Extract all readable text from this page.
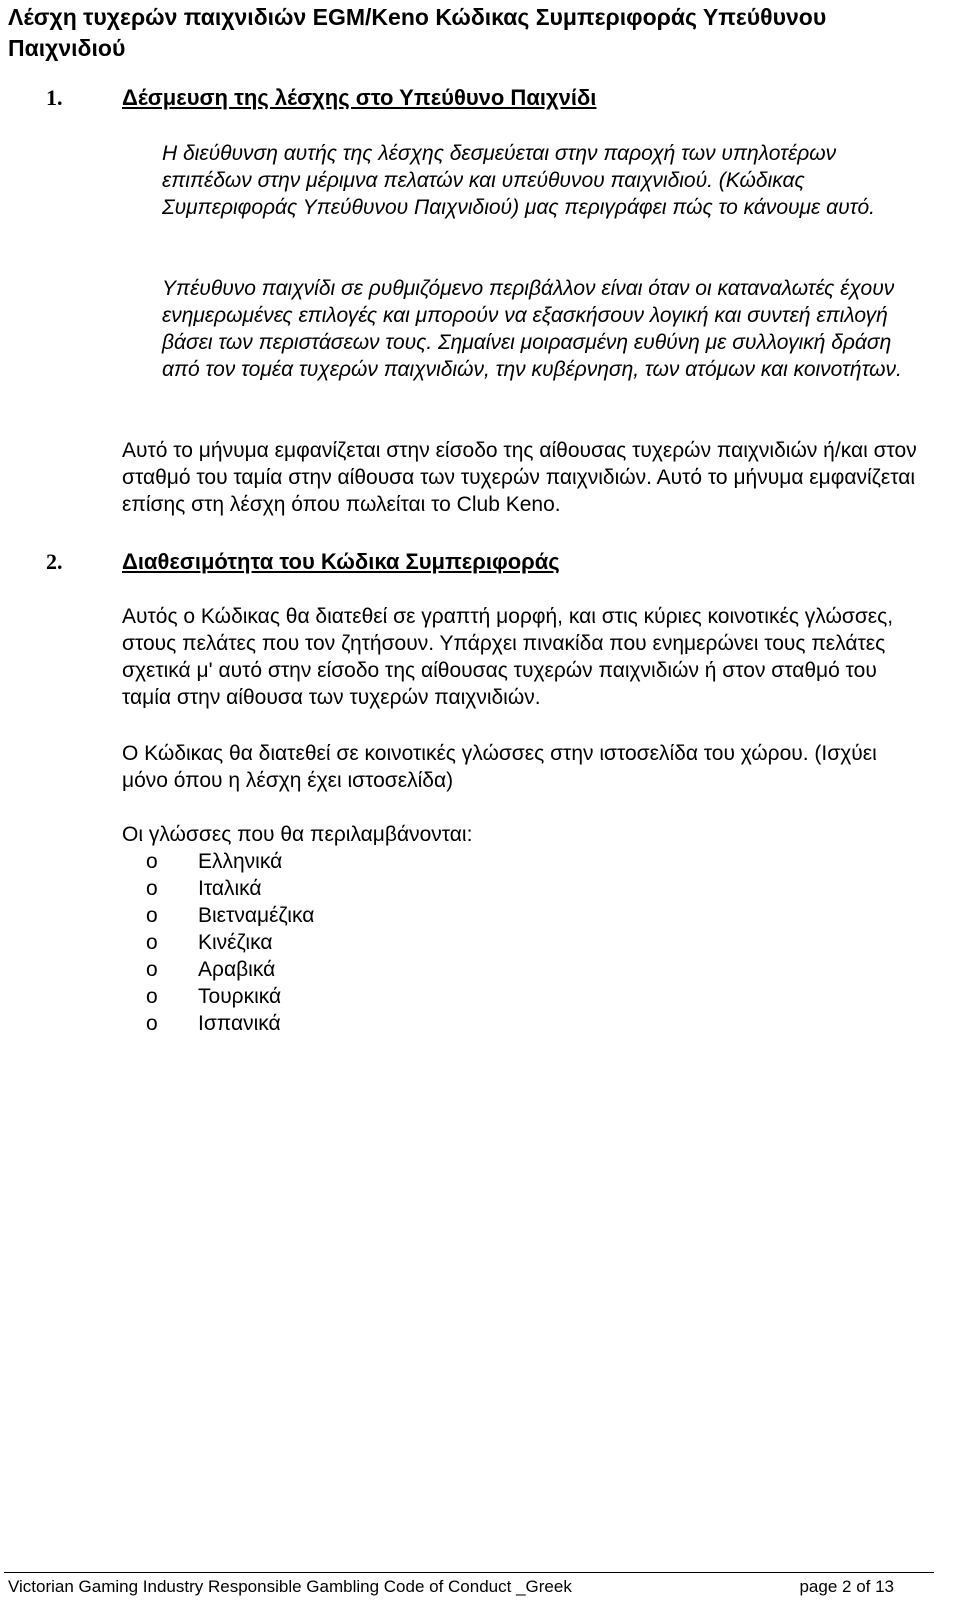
Λέσχη τυχερών παιχνιδιών EGM/Keno Κώδικας Συμπεριφοράς Υπεύθυνου Παιχνιδιού
1.	Δέσμευση της λέσχης στο Υπεύθυνο Παιχνίδι

Η διεύθυνση αυτής της λέσχης δεσμεύεται στην παροχή των υπηλοτέρων επιπέδων στην μέριμνα πελατών και υπεύθυνου παιχνιδιού. (Κώδικας Συμπεριφοράς Υπεύθυνου Παιχνιδιού) μας περιγράφει πώς το κάνουμε αυτό.

Υπέυθυνο παιχνίδι σε ρυθμιζόμενο περιβάλλον είναι όταν οι καταναλωτές έχουν ενημερωμένες επιλογές και μπορούν να εξασκήσουν λογική και συντεή επιλογή βάσει των περιστάσεων τους. Σημαίνει μοιρασμένη ευθύνη με συλλογική δράση από τον τομέα τυχερών παιχνιδιών, την κυβέρνηση, των ατόμων και κοινοτήτων.

Αυτό το μήνυμα εμφανίζεται στην είσοδο της αίθουσας τυχερών παιχνιδιών ή/και στον σταθμό του ταμία στην αίθουσα των τυχερών παιχνιδιών. Αυτό το μήνυμα εμφανίζεται επίσης στη λέσχη όπου πωλείται το Club Keno.

2.	Διαθεσιμότητα του Κώδικα Συμπεριφοράς

Αυτός ο Κώδικας θα διατεθεί σε γραπτή μορφή, και στις κύριες κοινοτικές γλώσσες, στους πελάτες που τον ζητήσουν. Υπάρχει πινακίδα που ενημερώνει τους πελάτες σχετικά μ' αυτό στην είσοδο της αίθουσας τυχερών παιχνιδιών ή στον σταθμό του ταμία στην αίθουσα των τυχερών παιχνιδιών.

Ο Κώδικας θα διατεθεί σε κοινοτικές γλώσσες στην ιστοσελίδα του χώρου. (Ισχύει μόνο όπου η λέσχη έχει ιστοσελίδα)

Οι γλώσσες που θα περιλαμβάνονται:

o Ελληνικά
o Ιταλικά
o Βιετναμέζικα
o Κινέζικα
o Αραβικά
o Τουρκικά
o Ισπανικά
Victorian Gaming Industry Responsible Gambling Code of Conduct _Greek	page 2 of 13
